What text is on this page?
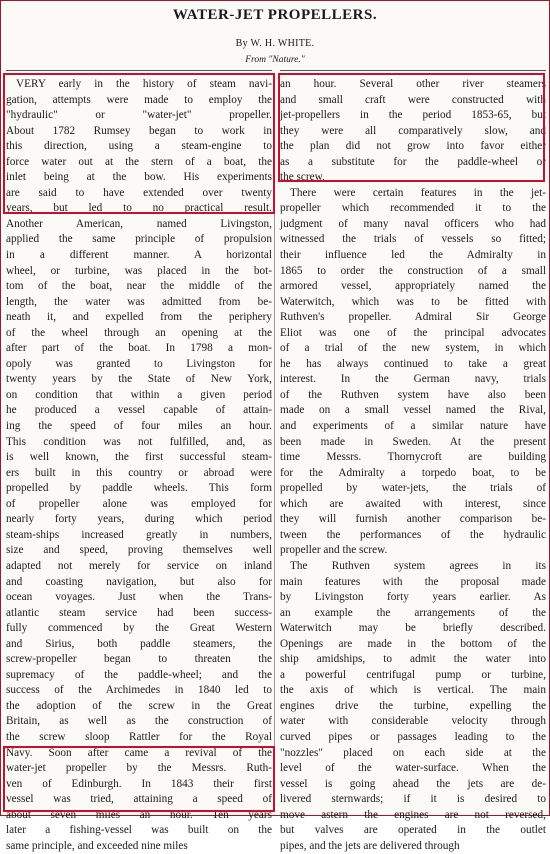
WATER-JET PROPELLERS.
By W. H. WHITE.
From "Nature."
VERY early in the history of steam navi-
gation, attempts were made to employ the
"hydraulic" or "water-jet" propeller.
About 1782 Rumsey began to work in
this direction, using a steam-engine to
force water out at the stern of a boat, the
inlet being at the bow. His experiments
are said to have extended over twenty
years, but led to no practical result.
Another American, named Livingston,
applied the same principle of propulsion
in a different manner. A horizontal
wheel, or turbine, was placed in the bot-
tom of the boat, near the middle of the
length, the water was admitted from be-
neath it, and expelled from the periphery
of the wheel through an opening at the
after part of the boat. In 1798 a mon-
opoly was granted to Livingston for
twenty years by the State of New York,
on condition that within a given period
he produced a vessel capable of attain-
ing the speed of four miles an hour.
This condition was not fulfilled, and, as
is well known, the first successful steam-
ers built in this country or abroad were
propelled by paddle wheels. This form
of propeller alone was employed for
nearly forty years, during which period
steam-ships increased greatly in numbers,
size and speed, proving themselves well
adapted not merely for service on inland
and coasting navigation, but also for
ocean voyages. Just when the Trans-
atlantic steam service had been success-
fully commenced by the Great Western
and Sirius, both paddle steamers, the
screw-propeller began to threaten the
supremacy of the paddle-wheel; and the
success of the Archimedes in 1840 led to
the adoption of the screw in the Great
Britain, as well as the construction of
the screw sloop Rattler for the Royal
Navy. Soon after came a revival of the
water-jet propeller by the Messrs. Ruth-
ven of Edinburgh. In 1843 their first
vessel was tried, attaining a speed of
about seven miles an hour. Ten years
later a fishing-vessel was built on the
same principle, and exceeded nine miles
an hour. Several other river steamers
and small craft were constructed with
jet-propellers in the period 1853-65, but
they were all comparatively slow, and
the plan did not grow into favor either
as a substitute for the paddle-wheel or
the screw.
There were certain features in the jet-
propeller which recommended it to the
judgment of many naval officers who had
witnessed the trials of vessels so fitted;
their influence led the Admiralty in
1865 to order the construction of a small
armored vessel, appropriately named the
Waterwitch, which was to be fitted with
Ruthven's propeller. Admiral Sir George
Eliot was one of the principal advocates
of a trial of the new system, in which
he has always continued to take a great
interest. In the German navy, trials
of the Ruthven system have also been
made on a small vessel named the Rival,
and experiments of a similar nature have
been made in Sweden. At the present
time Messrs. Thornycroft are building
for the Admiralty a torpedo boat, to be
propelled by water-jets, the trials of
which are awaited with interest, since
they will furnish another comparison be-
tween the performances of the hydraulic
propeller and the screw.
The Ruthven system agrees in its
main features with the proposal made
by Livingston forty years earlier. As
an example the arrangements of the
Waterwitch may be briefly described.
Openings are made in the bottom of the
ship amidships, to admit the water into
a powerful centrifugal pump or turbine,
the axis of which is vertical. The main
engines drive the turbine, expelling the
water with considerable velocity through
curved pipes or passages leading to the
"nozzles" placed on each side at the
level of the water-surface. When the
vessel is going ahead the jets are de-
livered sternwards; if it is desired to
move astern the engines are not reversed,
but valves are operated in the outlet
pipes, and the jets are delivered through
